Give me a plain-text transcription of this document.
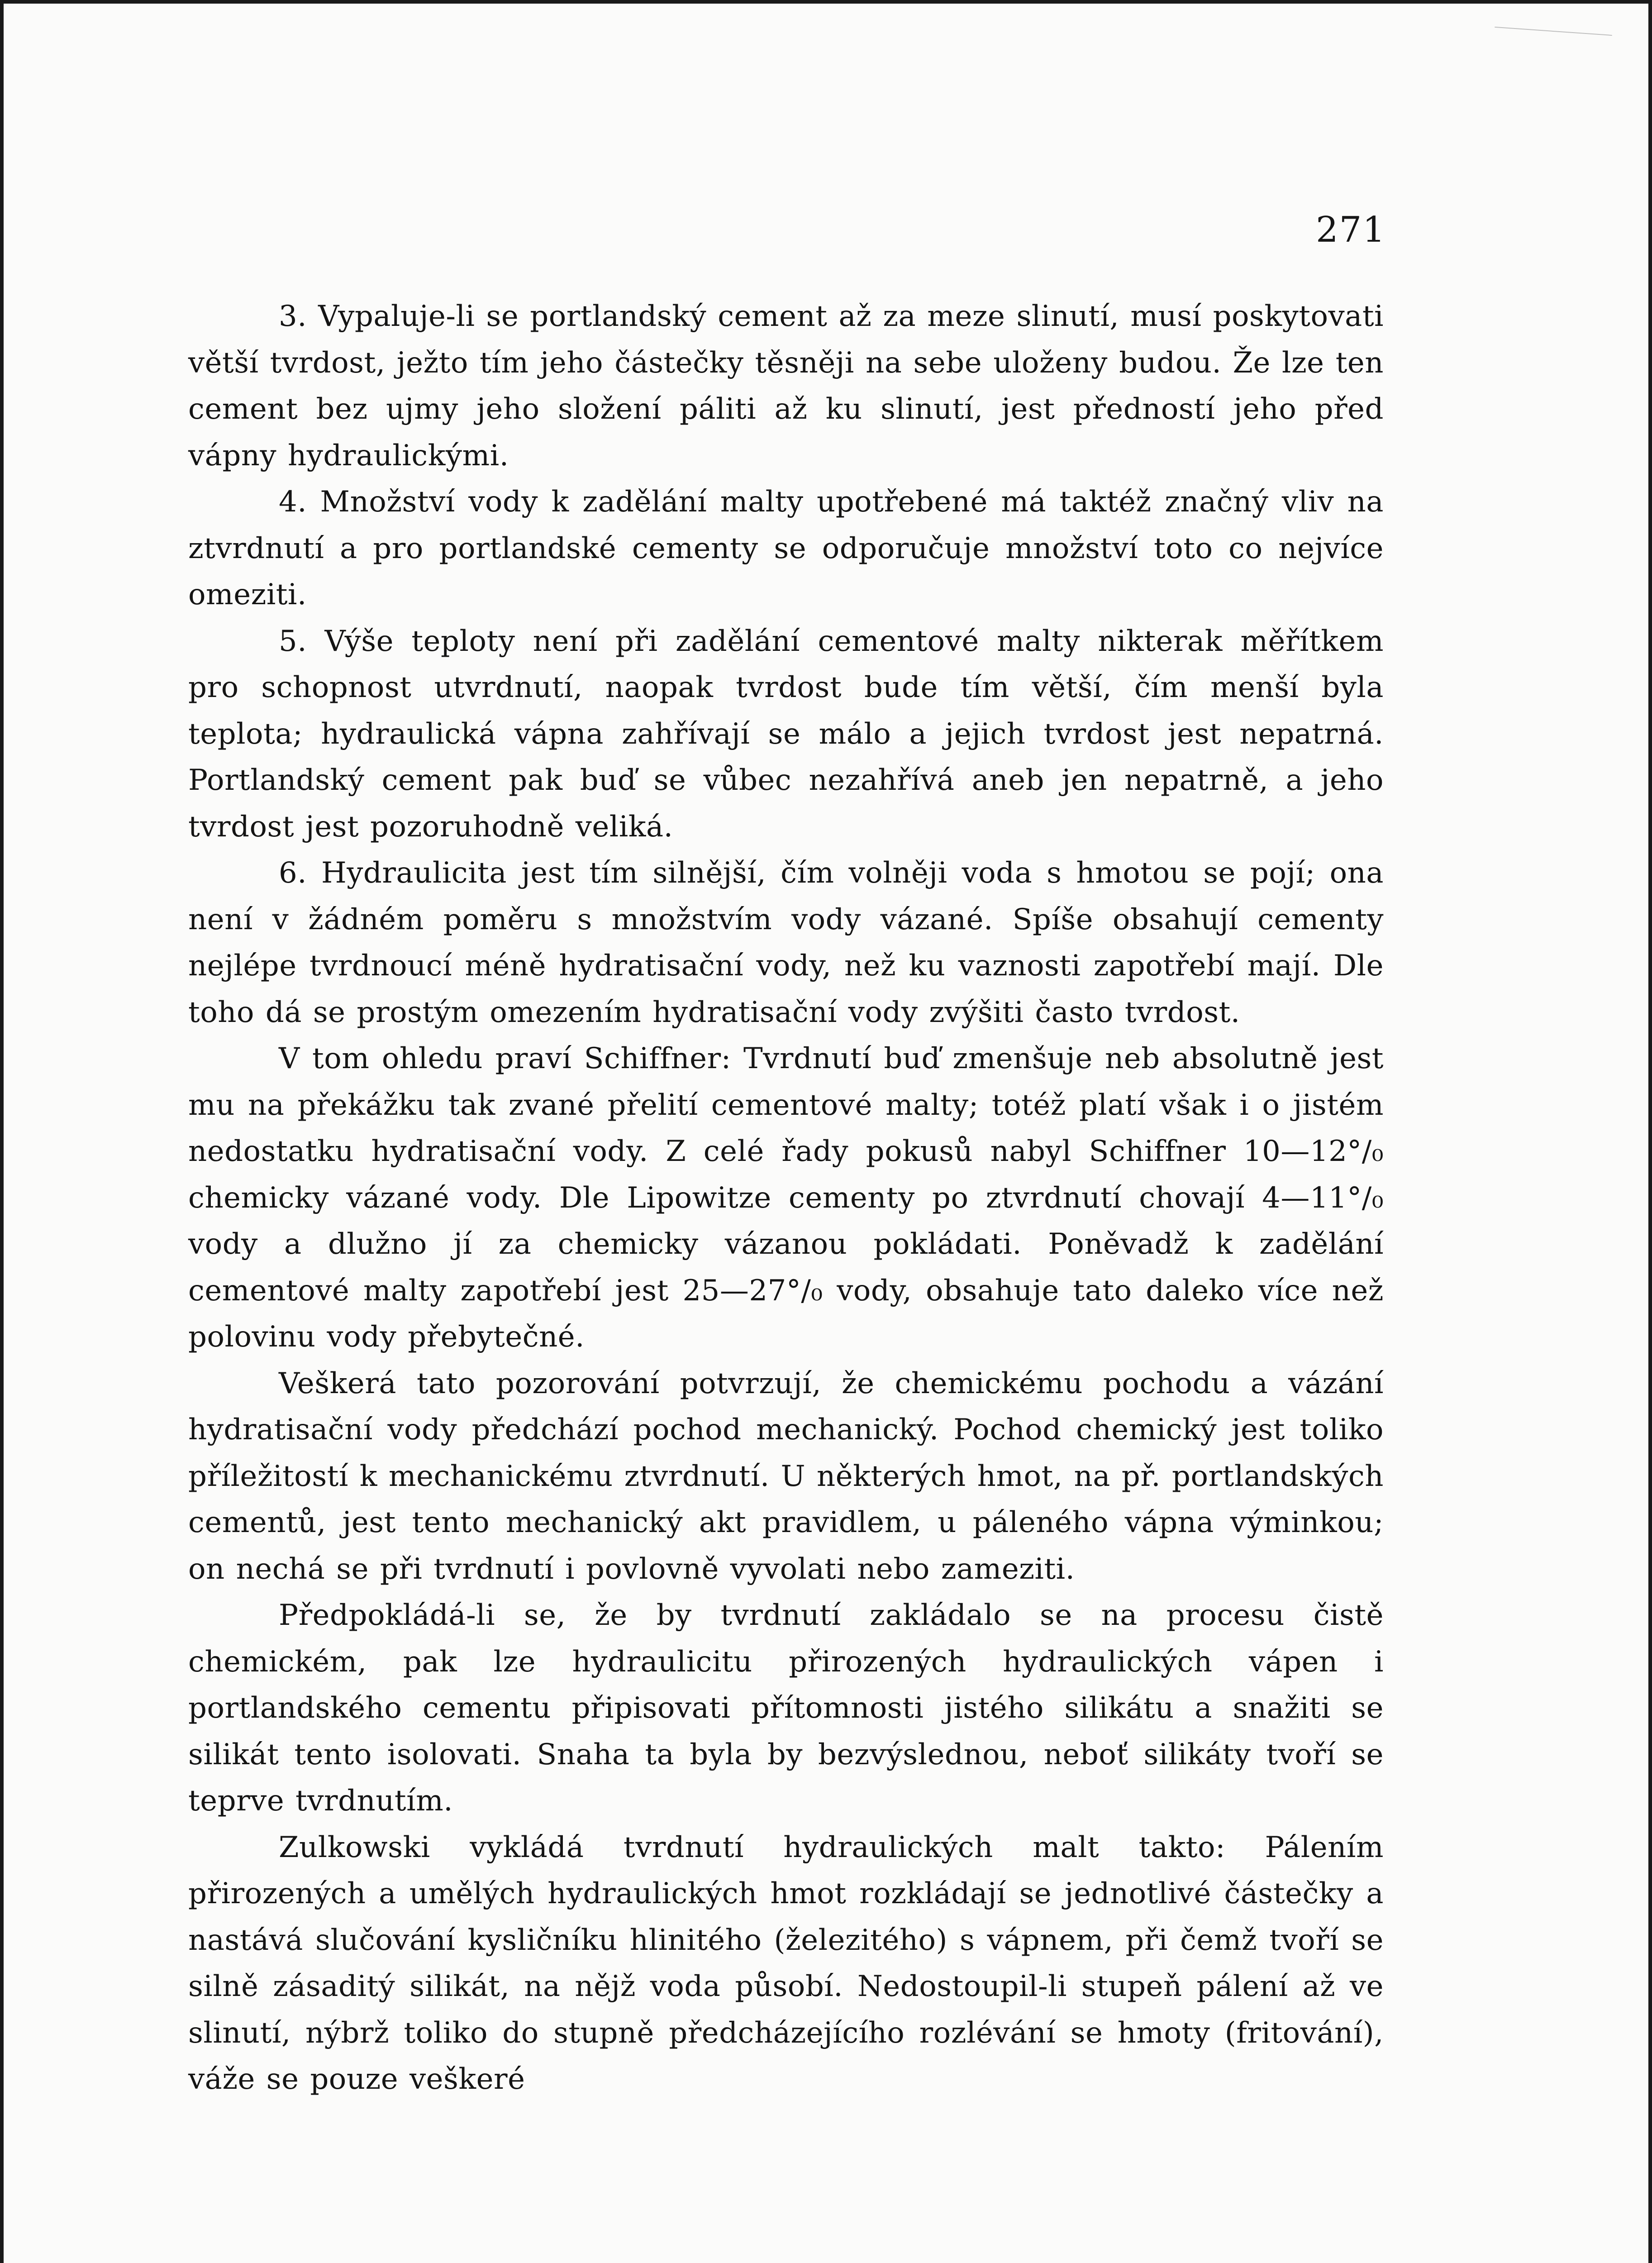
271

3. Vypaluje-li se portlandský cement až za meze slinutí, musí poskytovati větší tvrdost, ježto tím jeho částečky těsněji na sebe uloženy budou. Že lze ten cement bez ujmy jeho složení páliti až ku slinutí, jest předností jeho před vápny hydraulickými.

4. Množství vody k zadělání malty upotřebené má taktéž značný vliv na ztvrdnutí a pro portlandské cementy se odporučuje množství toto co nejvíce omeziti.

5. Výše teploty není při zadělání cementové malty nikterak měřítkem pro schopnost utvrdnutí, naopak tvrdost bude tím větší, čím menší byla teplota; hydraulická vápna zahřívají se málo a jejich tvrdost jest nepatrná. Portlandský cement pak buď se vůbec nezahřívá aneb jen nepatrně, a jeho tvrdost jest pozoruhodně veliká.

6. Hydraulicita jest tím silnější, čím volněji voda s hmotou se pojí; ona není v žádném poměru s množstvím vody vázané. Spíše obsahují cementy nejlépe tvrdnoucí méně hydratisační vody, než ku vaznosti zapotřebí mají. Dle toho dá se prostým omezením hydratisační vody zvýšiti často tvrdost.

V tom ohledu praví Schiffner: Tvrdnutí buď zmenšuje neb absolutně jest mu na překážku tak zvané přelití cementové malty; totéž platí však i o jistém nedostatku hydratisační vody. Z celé řady pokusů nabyl Schiffner 10—12°/₀ chemicky vázané vody. Dle Lipowitze cementy po ztvrdnutí chovají 4—11°/₀ vody a dlužno jí za chemicky vázanou pokládati. Poněvadž k zadělání cementové malty zapotřebí jest 25—27°/₀ vody, obsahuje tato daleko více než polovinu vody přebytečné.

Veškerá tato pozorování potvrzují, že chemickému pochodu a vázání hydratisační vody předchází pochod mechanický. Pochod chemický jest toliko příležitostí k mechanickému ztvrdnutí. U některých hmot, na př. portlandských cementů, jest tento mechanický akt pravidlem, u páleného vápna výminkou; on nechá se při tvrdnutí i povlovně vyvolati nebo zameziti.

Předpokládá-li se, že by tvrdnutí zakládalo se na procesu čistě chemickém, pak lze hydraulicitu přirozených hydraulických vápen i portlandského cementu připisovati přítomnosti jistého silikátu a snažiti se silikát tento isolovati. Snaha ta byla by bezvýslednou, neboť silikáty tvoří se teprve tvrdnutím.

Zulkowski vykládá tvrdnutí hydraulických malt takto: Pálením přirozených a umělých hydraulických hmot rozkládají se jednotlivé částečky a nastává slučování kysličníku hlinitého (železitého) s vápnem, při čemž tvoří se silně zásaditý silikát, na nějž voda působí. Nedostoupil-li stupeň pálení až ve slinutí, nýbrž toliko do stupně předcházejícího rozlévání se hmoty (fritování), váže se pouze veškeré
